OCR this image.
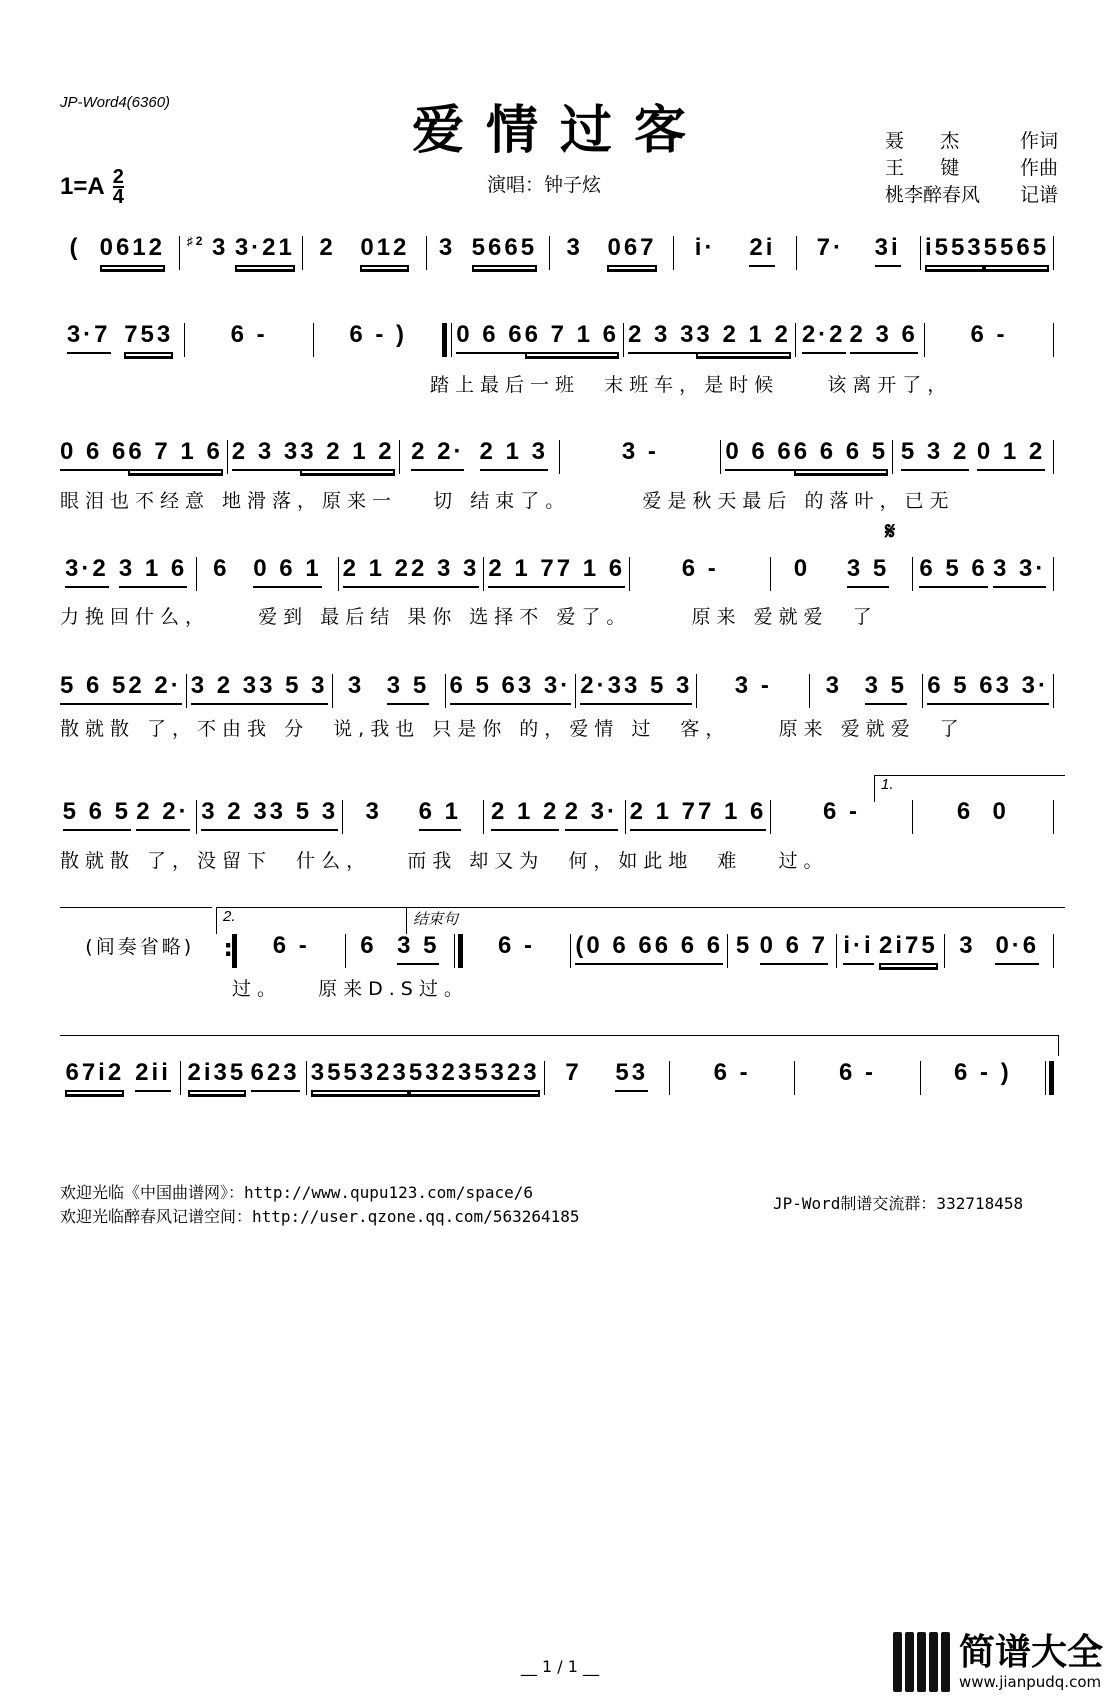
JP-Word4(6360)	爱情过客
$1=A \frac{2}{4}$	演唱：钟子炫
聂      杰	作词
王      键	作曲
桃李醉春风 记谱
( 0612 ♯2 3 3·21 2 012 3 5665 3 067 i· 2i 7· 3i i553 5565
3·7 753 6 -	6 - ) 0 6 6 6 7 1 6 2 3 3 3 2 1 2 2·2 2 3 6 6 -
踏上最后一班  末班车，是时候    该离开了，
0 6 6 6 7 1 6 2 3 3 3 2 1 2 2 2· 2 1 3	3 -	0 6 6 6 6 6 5 5 3 2 0 1 2
眼泪也不经意 地滑落，原来一   切 结束了。      爱是秋天最后 的落叶，已无
3·2 3 1 6 6 0 6 1 2 1 2 2 3 3 2 1 7 7 1 6 6 -	0 3 5 6 5 6 3 3·
力挽回什么，    爱到 最后结 果你 选择不 爱了。     原来 爱就爱  了
𝄋
5 6 5 2 2· 3 2 3 3 5 3 3 3 5 6 5 6 3 3· 2·3 3 5 3 3 - 3 3 5 6 5 6 3 3·
散就散 了，不由我 分  说,我也 只是你 的，爱情 过  客，    原来 爱就爱  了
5 6 5 2 2· 3 2 3 3 5 3 3 6 1 2 1 2 2 3· 2 1 7 7 1 6 6 -	6  0
散就散 了，没留下  什么，   而我 却又为  何，如此地  难   过。
1.
(间奏省略) : 6 - 6 3 5 6 - (0 6 6 6 6 6 5 0 6 7 i·i 2i75 3 0·6
过。   原来D.S过。
2.	结束句
67i2 2ii 2i35 623 355323 53235323 7 53	6 -	6 -	6 - )
欢迎光临《中国曲谱网》：http://www.qupu123.com/space/6
欢迎光临醉春风记谱空间：http://user.qzone.qq.com/563264185
JP-Word制谱交流群：332718458
__ 1 / 1 __	简谱大全
www.jianpudq.com
